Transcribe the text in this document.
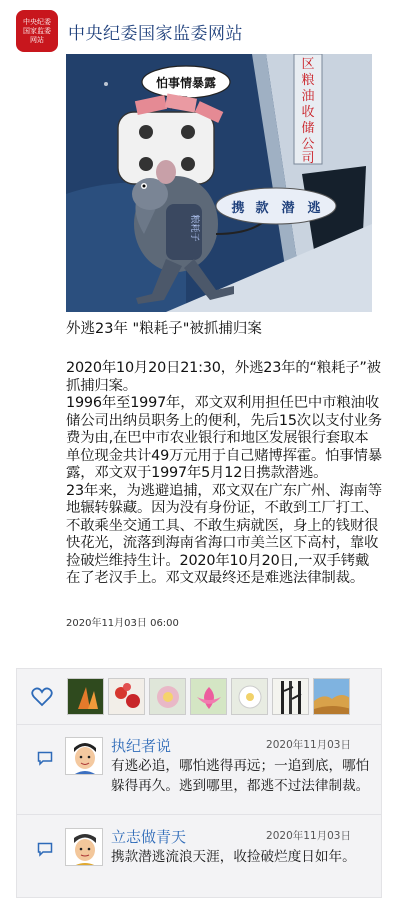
中央纪委
国家监委
网站 中央纪委国家监委网站
区
粮
油
收
储
公
司
怕事情暴露
粮耗子
携 款 潜 逃
外逃23年 "粮耗子"被抓捕归案

2020年10月20日21:30，外逃23年的“粮耗子”被抓捕归案。

1996年至1997年，邓文双利用担任巴中市粮油收储公司出纳员职务上的便利，先后15次以支付业务费为由,在巴中市农业银行和地区发展银行套取本单位现金共计49万元用于自己赌博挥霍。怕事情暴露，邓文双于1997年5月12日携款潜逃。

23年来，为逃避追捕，邓文双在广东广州、海南等地辗转躲藏。因为没有身份证，不敢到工厂打工、不敢乘坐交通工具、不敢生病就医，身上的钱财很快花光，流落到海南省海口市美兰区下高村，靠收捡破烂维持生计。2020年10月20日,一双手铐戴在了老汉手上。邓文双最终还是难逃法律制裁。

2020年11月03日 06:00
执纪者说	2020年11月03日
有逃必追，哪怕逃得再远；一追到底，哪怕躲得再久。逃到哪里，都逃不过法律制裁。
立志做青天	2020年11月03日
携款潜逃流浪天涯，收捡破烂度日如年。
